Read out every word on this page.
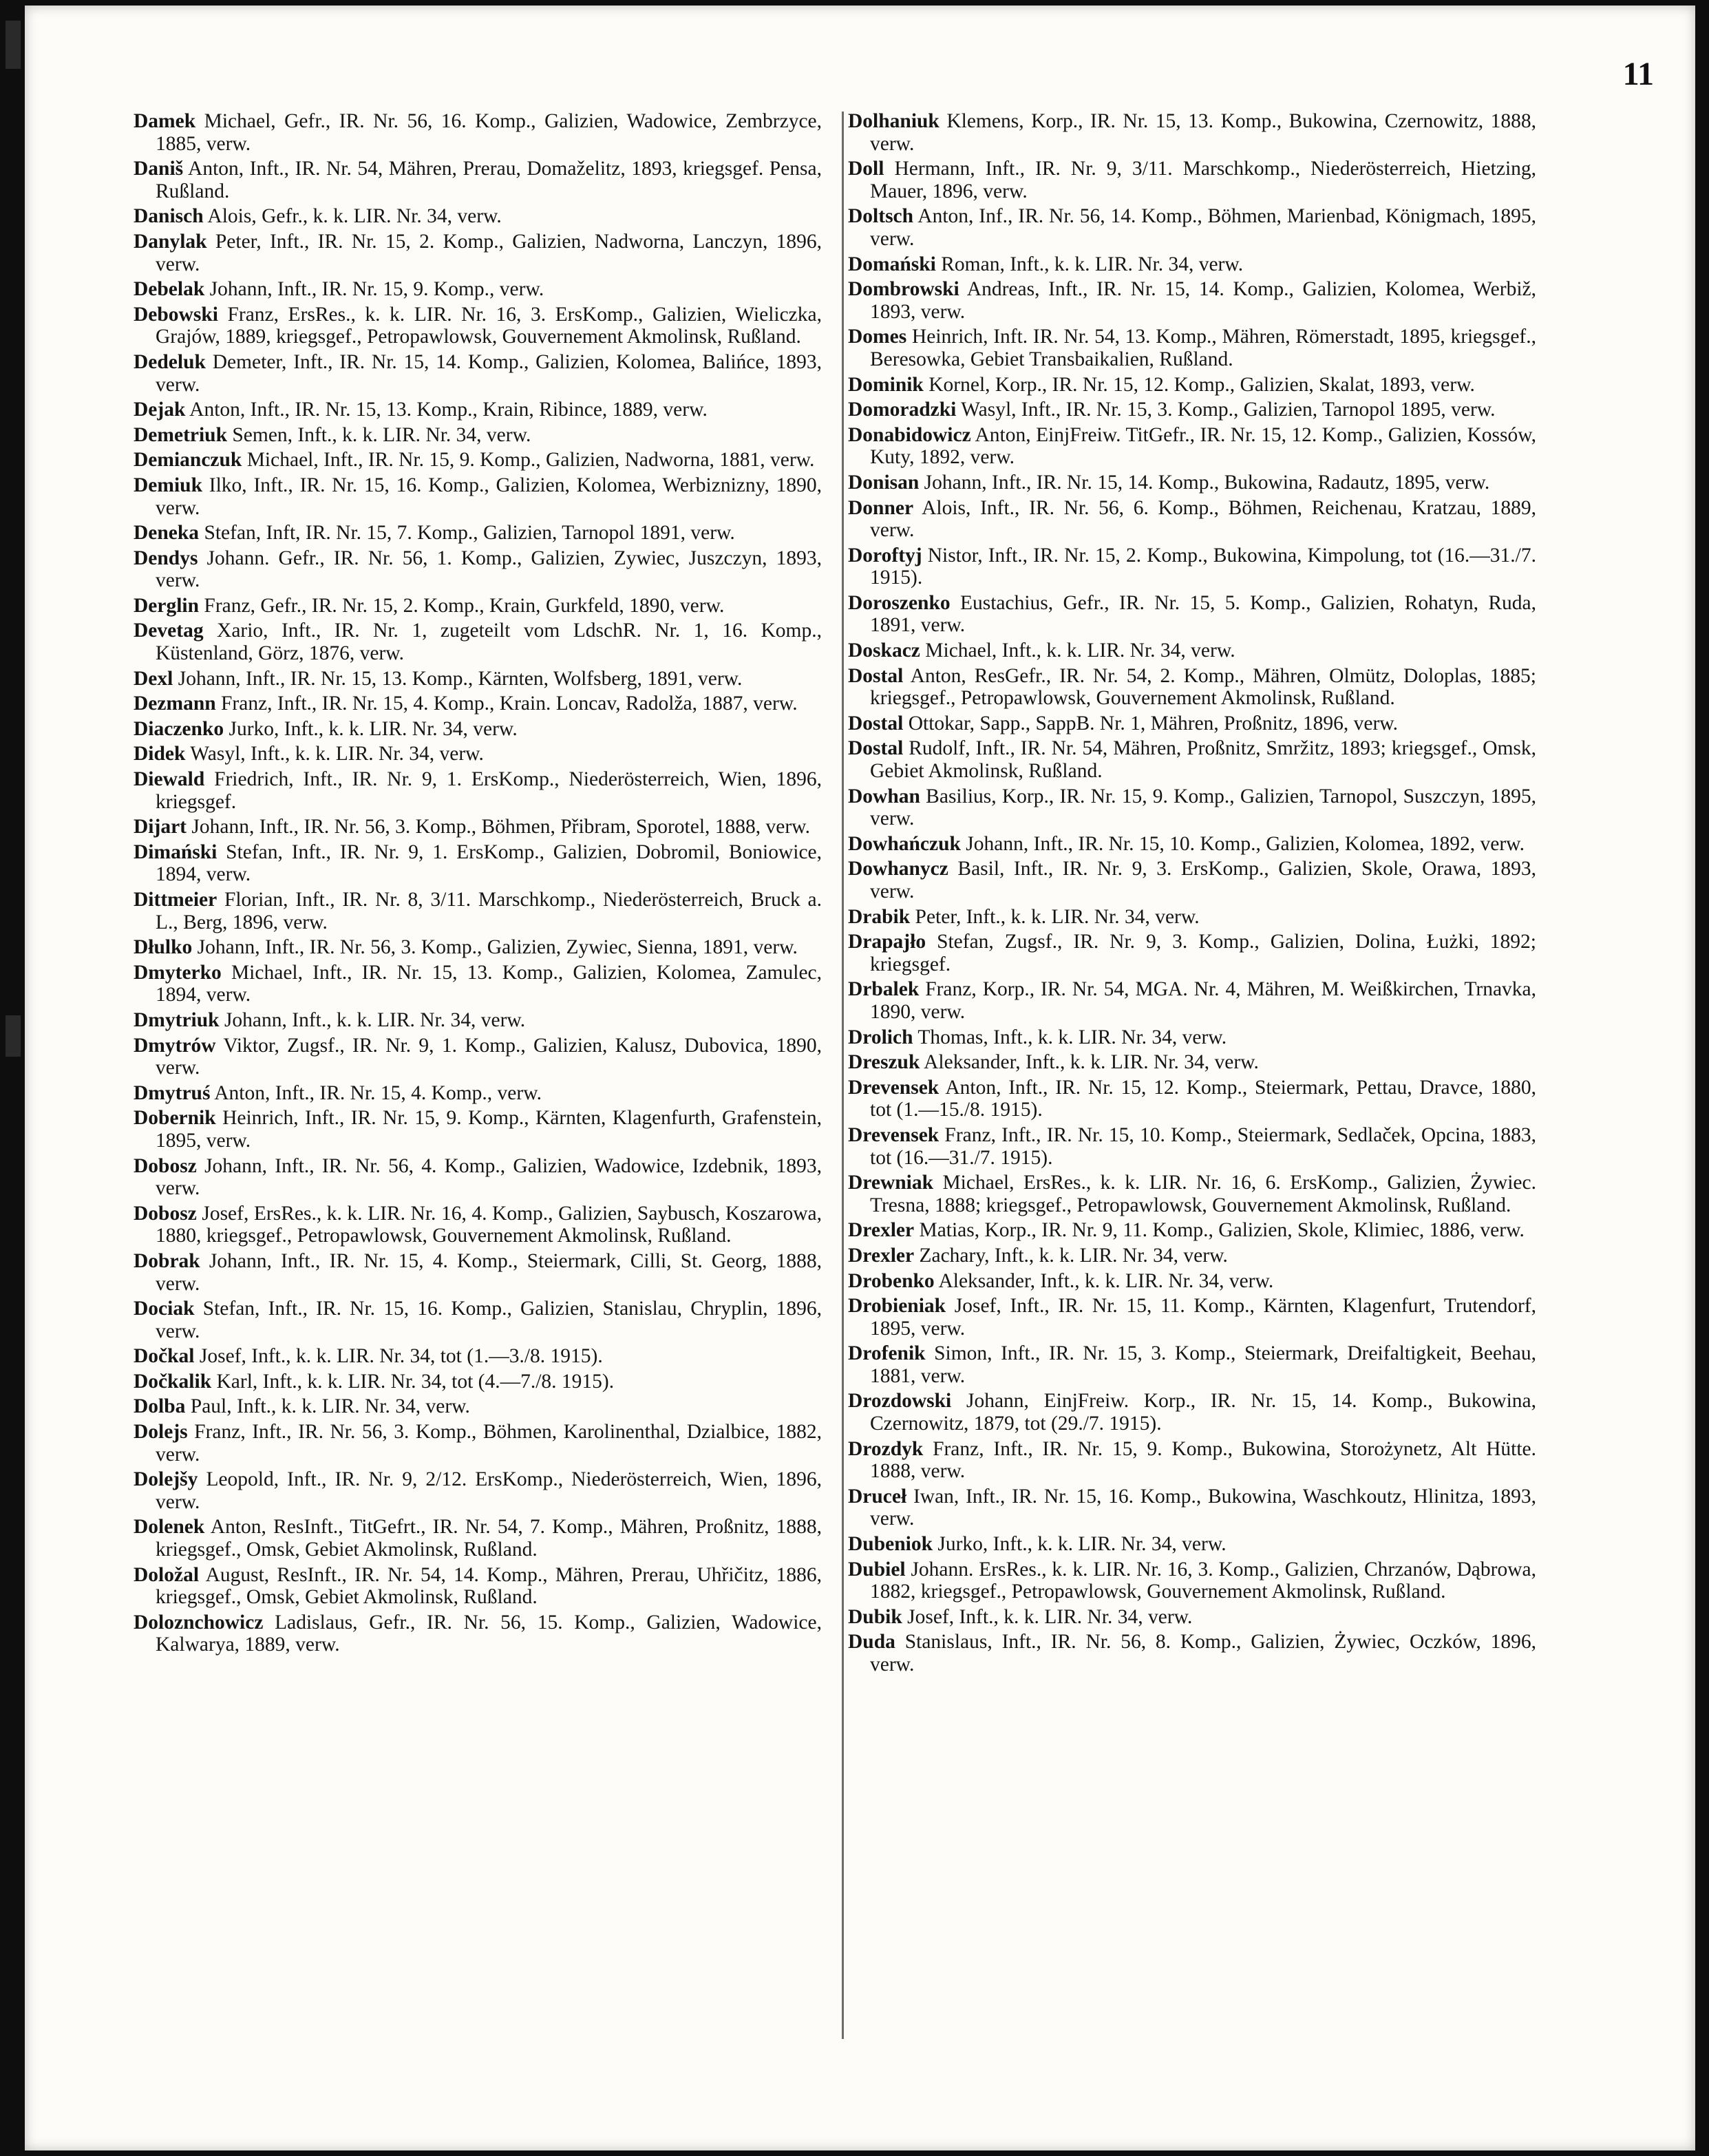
11

Damek Michael, Gefr., IR. Nr. 56, 16. Komp., Galizien, Wadowice, Zembrzyce, 1885, verw.

Daniš Anton, Inft., IR. Nr. 54, Mähren, Prerau, Domaželitz, 1893, kriegsgef. Pensa, Rußland.

Danisch Alois, Gefr., k. k. LIR. Nr. 34, verw.

Danylak Peter, Inft., IR. Nr. 15, 2. Komp., Galizien, Nadworna, Lanczyn, 1896, verw.

Debelak Johann, Inft., IR. Nr. 15, 9. Komp., verw.

Debowski Franz, ErsRes., k. k. LIR. Nr. 16, 3. ErsKomp., Galizien, Wieliczka, Grajów, 1889, kriegsgef., Petropawlowsk, Gouvernement Akmolinsk, Rußland.

Dedeluk Demeter, Inft., IR. Nr. 15, 14. Komp., Galizien, Kolomea, Balińce, 1893, verw.

Dejak Anton, Inft., IR. Nr. 15, 13. Komp., Krain, Ribince, 1889, verw.

Demetriuk Semen, Inft., k. k. LIR. Nr. 34, verw.

Demianczuk Michael, Inft., IR. Nr. 15, 9. Komp., Galizien, Nadworna, 1881, verw.

Demiuk Ilko, Inft., IR. Nr. 15, 16. Komp., Galizien, Kolomea, Werbiznizny, 1890, verw.

Deneka Stefan, Inft, IR. Nr. 15, 7. Komp., Galizien, Tarnopol 1891, verw.

Dendys Johann. Gefr., IR. Nr. 56, 1. Komp., Galizien, Zywiec, Juszczyn, 1893, verw.

Derglin Franz, Gefr., IR. Nr. 15, 2. Komp., Krain, Gurkfeld, 1890, verw.

Devetag Xario, Inft., IR. Nr. 1, zugeteilt vom LdschR. Nr. 1, 16. Komp., Küstenland, Görz, 1876, verw.

Dexl Johann, Inft., IR. Nr. 15, 13. Komp., Kärnten, Wolfsberg, 1891, verw.

Dezmann Franz, Inft., IR. Nr. 15, 4. Komp., Krain. Loncav, Radolža, 1887, verw.

Diaczenko Jurko, Inft., k. k. LIR. Nr. 34, verw.

Didek Wasyl, Inft., k. k. LIR. Nr. 34, verw.

Diewald Friedrich, Inft., IR. Nr. 9, 1. ErsKomp., Niederösterreich, Wien, 1896, kriegsgef.

Dijart Johann, Inft., IR. Nr. 56, 3. Komp., Böhmen, Přibram, Sporotel, 1888, verw.

Dimański Stefan, Inft., IR. Nr. 9, 1. ErsKomp., Galizien, Dobromil, Boniowice, 1894, verw.

Dittmeier Florian, Inft., IR. Nr. 8, 3/11. Marschkomp., Niederösterreich, Bruck a. L., Berg, 1896, verw.

Dłulko Johann, Inft., IR. Nr. 56, 3. Komp., Galizien, Zywiec, Sienna, 1891, verw.

Dmyterko Michael, Inft., IR. Nr. 15, 13. Komp., Galizien, Kolomea, Zamulec, 1894, verw.

Dmytriuk Johann, Inft., k. k. LIR. Nr. 34, verw.

Dmytrów Viktor, Zugsf., IR. Nr. 9, 1. Komp., Galizien, Kalusz, Dubovica, 1890, verw.

Dmytruś Anton, Inft., IR. Nr. 15, 4. Komp., verw.

Dobernik Heinrich, Inft., IR. Nr. 15, 9. Komp., Kärnten, Klagenfurth, Grafenstein, 1895, verw.

Dobosz Johann, Inft., IR. Nr. 56, 4. Komp., Galizien, Wadowice, Izdebnik, 1893, verw.

Dobosz Josef, ErsRes., k. k. LIR. Nr. 16, 4. Komp., Galizien, Saybusch, Koszarowa, 1880, kriegsgef., Petropawlowsk, Gouvernement Akmolinsk, Rußland.

Dobrak Johann, Inft., IR. Nr. 15, 4. Komp., Steiermark, Cilli, St. Georg, 1888, verw.

Dociak Stefan, Inft., IR. Nr. 15, 16. Komp., Galizien, Stanislau, Chryplin, 1896, verw.

Dočkal Josef, Inft., k. k. LIR. Nr. 34, tot (1.—3./8. 1915).

Dočkalik Karl, Inft., k. k. LIR. Nr. 34, tot (4.—7./8. 1915).

Dolba Paul, Inft., k. k. LIR. Nr. 34, verw.

Dolejs Franz, Inft., IR. Nr. 56, 3. Komp., Böhmen, Karolinenthal, Dzialbice, 1882, verw.

Dolejšy Leopold, Inft., IR. Nr. 9, 2/12. ErsKomp., Niederösterreich, Wien, 1896, verw.

Dolenek Anton, ResInft., TitGefrt., IR. Nr. 54, 7. Komp., Mähren, Proßnitz, 1888, kriegsgef., Omsk, Gebiet Akmolinsk, Rußland.

Doložal August, ResInft., IR. Nr. 54, 14. Komp., Mähren, Prerau, Uhřičitz, 1886, kriegsgef., Omsk, Gebiet Akmolinsk, Rußland.

Doloznchowicz Ladislaus, Gefr., IR. Nr. 56, 15. Komp., Galizien, Wadowice, Kalwarya, 1889, verw.

Dolhaniuk Klemens, Korp., IR. Nr. 15, 13. Komp., Bukowina, Czernowitz, 1888, verw.

Doll Hermann, Inft., IR. Nr. 9, 3/11. Marschkomp., Niederösterreich, Hietzing, Mauer, 1896, verw.

Doltsch Anton, Inf., IR. Nr. 56, 14. Komp., Böhmen, Marienbad, Königmach, 1895, verw.

Domański Roman, Inft., k. k. LIR. Nr. 34, verw.

Dombrowski Andreas, Inft., IR. Nr. 15, 14. Komp., Galizien, Kolomea, Werbiž, 1893, verw.

Domes Heinrich, Inft. IR. Nr. 54, 13. Komp., Mähren, Römerstadt, 1895, kriegsgef., Beresowka, Gebiet Transbaikalien, Rußland.

Dominik Kornel, Korp., IR. Nr. 15, 12. Komp., Galizien, Skalat, 1893, verw.

Domoradzki Wasyl, Inft., IR. Nr. 15, 3. Komp., Galizien, Tarnopol 1895, verw.

Donabidowicz Anton, EinjFreiw. TitGefr., IR. Nr. 15, 12. Komp., Galizien, Kossów, Kuty, 1892, verw.

Donisan Johann, Inft., IR. Nr. 15, 14. Komp., Bukowina, Radautz, 1895, verw.

Donner Alois, Inft., IR. Nr. 56, 6. Komp., Böhmen, Reichenau, Kratzau, 1889, verw.

Doroftyj Nistor, Inft., IR. Nr. 15, 2. Komp., Bukowina, Kimpolung, tot (16.—31./7. 1915).

Doroszenko Eustachius, Gefr., IR. Nr. 15, 5. Komp., Galizien, Rohatyn, Ruda, 1891, verw.

Doskacz Michael, Inft., k. k. LIR. Nr. 34, verw.

Dostal Anton, ResGefr., IR. Nr. 54, 2. Komp., Mähren, Olmütz, Doloplas, 1885; kriegsgef., Petropawlowsk, Gouvernement Akmolinsk, Rußland.

Dostal Ottokar, Sapp., SappB. Nr. 1, Mähren, Proßnitz, 1896, verw.

Dostal Rudolf, Inft., IR. Nr. 54, Mähren, Proßnitz, Smržitz, 1893; kriegsgef., Omsk, Gebiet Akmolinsk, Rußland.

Dowhan Basilius, Korp., IR. Nr. 15, 9. Komp., Galizien, Tarnopol, Suszczyn, 1895, verw.

Dowhańczuk Johann, Inft., IR. Nr. 15, 10. Komp., Galizien, Kolomea, 1892, verw.

Dowhanycz Basil, Inft., IR. Nr. 9, 3. ErsKomp., Galizien, Skole, Orawa, 1893, verw.

Drabik Peter, Inft., k. k. LIR. Nr. 34, verw.

Drapajło Stefan, Zugsf., IR. Nr. 9, 3. Komp., Galizien, Dolina, Łużki, 1892; kriegsgef.

Drbalek Franz, Korp., IR. Nr. 54, MGA. Nr. 4, Mähren, M. Weißkirchen, Trnavka, 1890, verw.

Drolich Thomas, Inft., k. k. LIR. Nr. 34, verw.

Dreszuk Aleksander, Inft., k. k. LIR. Nr. 34, verw.

Drevensek Anton, Inft., IR. Nr. 15, 12. Komp., Steiermark, Pettau, Dravce, 1880, tot (1.—15./8. 1915).

Drevensek Franz, Inft., IR. Nr. 15, 10. Komp., Steiermark, Sedlaček, Opcina, 1883, tot (16.—31./7. 1915).

Drewniak Michael, ErsRes., k. k. LIR. Nr. 16, 6. ErsKomp., Galizien, Żywiec. Tresna, 1888; kriegsgef., Petropawlowsk, Gouvernement Akmolinsk, Rußland.

Drexler Matias, Korp., IR. Nr. 9, 11. Komp., Galizien, Skole, Klimiec, 1886, verw.

Drexler Zachary, Inft., k. k. LIR. Nr. 34, verw.

Drobenko Aleksander, Inft., k. k. LIR. Nr. 34, verw.

Drobieniak Josef, Inft., IR. Nr. 15, 11. Komp., Kärnten, Klagenfurt, Trutendorf, 1895, verw.

Drofenik Simon, Inft., IR. Nr. 15, 3. Komp., Steiermark, Dreifaltigkeit, Beehau, 1881, verw.

Drozdowski Johann, EinjFreiw. Korp., IR. Nr. 15, 14. Komp., Bukowina, Czernowitz, 1879, tot (29./7. 1915).

Drozdyk Franz, Inft., IR. Nr. 15, 9. Komp., Bukowina, Storożynetz, Alt Hütte. 1888, verw.

Druceł Iwan, Inft., IR. Nr. 15, 16. Komp., Bukowina, Waschkoutz, Hlinitza, 1893, verw.

Dubeniok Jurko, Inft., k. k. LIR. Nr. 34, verw.

Dubiel Johann. ErsRes., k. k. LIR. Nr. 16, 3. Komp., Galizien, Chrzanów, Dąbrowa, 1882, kriegsgef., Petropawlowsk, Gouvernement Akmolinsk, Rußland.

Dubik Josef, Inft., k. k. LIR. Nr. 34, verw.

Duda Stanislaus, Inft., IR. Nr. 56, 8. Komp., Galizien, Żywiec, Oczków, 1896, verw.
